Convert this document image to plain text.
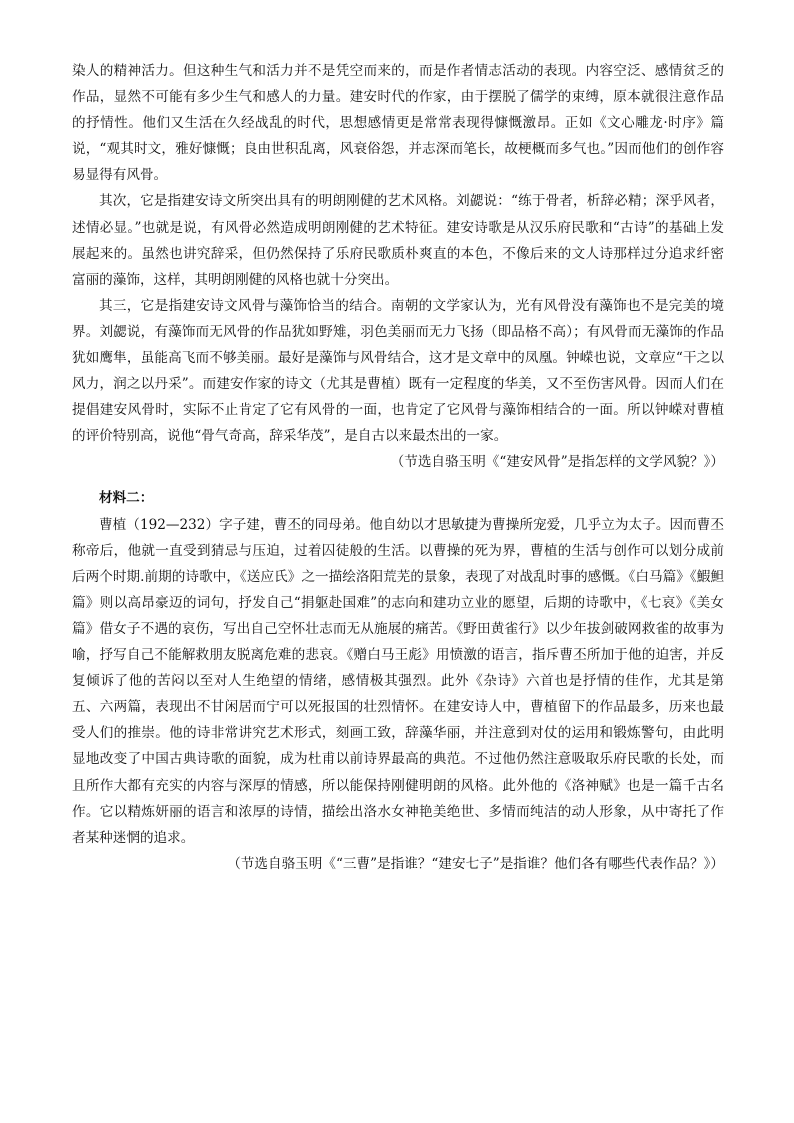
染人的精神活力。但这种生气和活力并不是凭空而来的，而是作者情志活动的表现。内容空泛、感情贫乏的作品，显然不可能有多少生气和感人的力量。建安时代的作家，由于摆脱了儒学的束缚，原本就很注意作品的抒情性。他们又生活在久经战乱的时代，思想感情更是常常表现得慷慨激昂。正如《文心雕龙·时序》篇说，“观其时文，雅好慷慨；良由世积乱离，风衰俗怨，并志深而笔长，故梗概而多气也。”因而他们的创作容易显得有风骨。

其次，它是指建安诗文所突出具有的明朗刚健的艺术风格。刘勰说：“练于骨者，析辞必精；深乎风者，述情必显。”也就是说，有风骨必然造成明朗刚健的艺术特征。建安诗歌是从汉乐府民歌和“古诗”的基础上发展起来的。虽然也讲究辞采，但仍然保持了乐府民歌质朴爽直的本色，不像后来的文人诗那样过分追求纤密富丽的藻饰，这样，其明朗刚健的风格也就十分突出。

其三，它是指建安诗文风骨与藻饰恰当的结合。南朝的文学家认为，光有风骨没有藻饰也不是完美的境界。刘勰说，有藻饰而无风骨的作品犹如野雉，羽色美丽而无力飞扬（即品格不高）；有风骨而无藻饰的作品犹如鹰隼，虽能高飞而不够美丽。最好是藻饰与风骨结合，这才是文章中的凤凰。钟嵘也说，文章应“干之以风力，润之以丹采”。而建安作家的诗文（尤其是曹植）既有一定程度的华美，又不至伤害风骨。因而人们在提倡建安风骨时，实际不止肯定了它有风骨的一面，也肯定了它风骨与藻饰相结合的一面。所以钟嵘对曹植的评价特别高，说他“骨气奇高，辞采华茂”，是自古以来最杰出的一家。

（节选自骆玉明《“建安风骨”是指怎样的文学风貌？》）

材料二：

曹植（192—232）字子建，曹丕的同母弟。他自幼以才思敏捷为曹操所宠爱，几乎立为太子。因而曹丕称帝后，他就一直受到猜忌与压迫，过着囚徒般的生活。以曹操的死为界，曹植的生活与创作可以划分成前后两个时期.前期的诗歌中，《送应氏》之一描绘洛阳荒芜的景象，表现了对战乱时事的感慨。《白马篇》《鰕䱇篇》则以高昂豪迈的词句，抒发自己“捐躯赴国难”的志向和建功立业的愿望，后期的诗歌中，《七哀》《美女篇》借女子不遇的哀伤，写出自己空怀壮志而无从施展的痛苦。《野田黄雀行》以少年拔剑破网救雀的故事为喻，抒写自己不能解救朋友脱离危难的悲哀。《赠白马王彪》用愤激的语言，指斥曹丕所加于他的迫害，并反复倾诉了他的苦闷以至对人生绝望的情绪，感情极其强烈。此外《杂诗》六首也是抒情的佳作，尤其是第五、六两篇，表现出不甘闲居而宁可以死报国的壮烈情怀。在建安诗人中，曹植留下的作品最多，历来也最受人们的推崇。他的诗非常讲究艺术形式，刻画工致，辞藻华丽，并注意到对仗的运用和锻炼警句，由此明显地改变了中国古典诗歌的面貌，成为杜甫以前诗界最高的典范。不过他仍然注意吸取乐府民歌的长处，而且所作大都有充实的内容与深厚的情感，所以能保持刚健明朗的风格。此外他的《洛神赋》也是一篇千古名作。它以精炼妍丽的语言和浓厚的诗情，描绘出洛水女神艳美绝世、多情而纯洁的动人形象，从中寄托了作者某种迷惘的追求。

（节选自骆玉明《“三曹”是指谁？“建安七子”是指谁？他们各有哪些代表作品？》）
